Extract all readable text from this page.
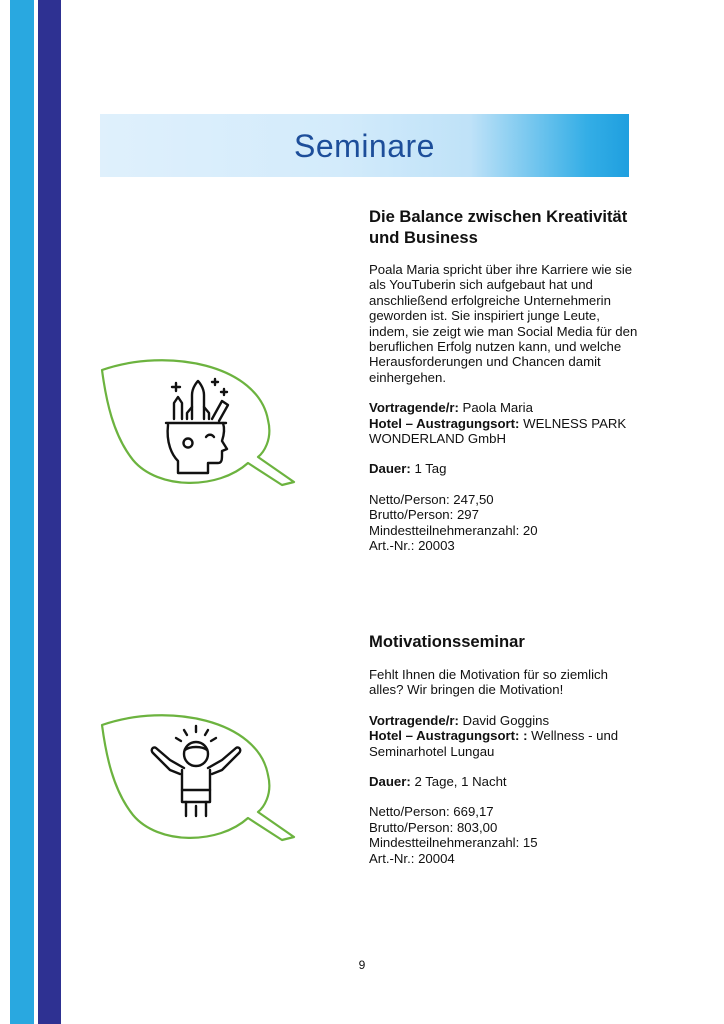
Seminare
Die Balance zwischen Kreativität und Business
Poala Maria spricht über ihre Karriere wie sie als YouTuberin sich aufgebaut hat und anschließend erfolgreiche Unternehmerin geworden ist. Sie inspiriert junge Leute, indem, sie zeigt wie man Social Media für den beruflichen Erfolg nutzen kann, und welche Herausforderungen und Chancen damit einhergehen.
Vortragende/r: Paola Maria
Hotel – Austragungsort: WELNESS PARK WONDERLAND GmbH
Dauer: 1 Tag
Netto/Person: 247,50
Brutto/Person: 297
Mindestteilnehmeranzahl: 20
Art.-Nr.: 20003
Motivationsseminar
Fehlt Ihnen die Motivation für so ziemlich alles? Wir bringen die Motivation!
Vortragende/r: David Goggins
Hotel – Austragungsort: : Wellness - und Seminarhotel Lungau
Dauer: 2 Tage, 1 Nacht
Netto/Person: 669,17
Brutto/Person: 803,00
Mindestteilnehmeranzahl: 15
Art.-Nr.: 20004
9
